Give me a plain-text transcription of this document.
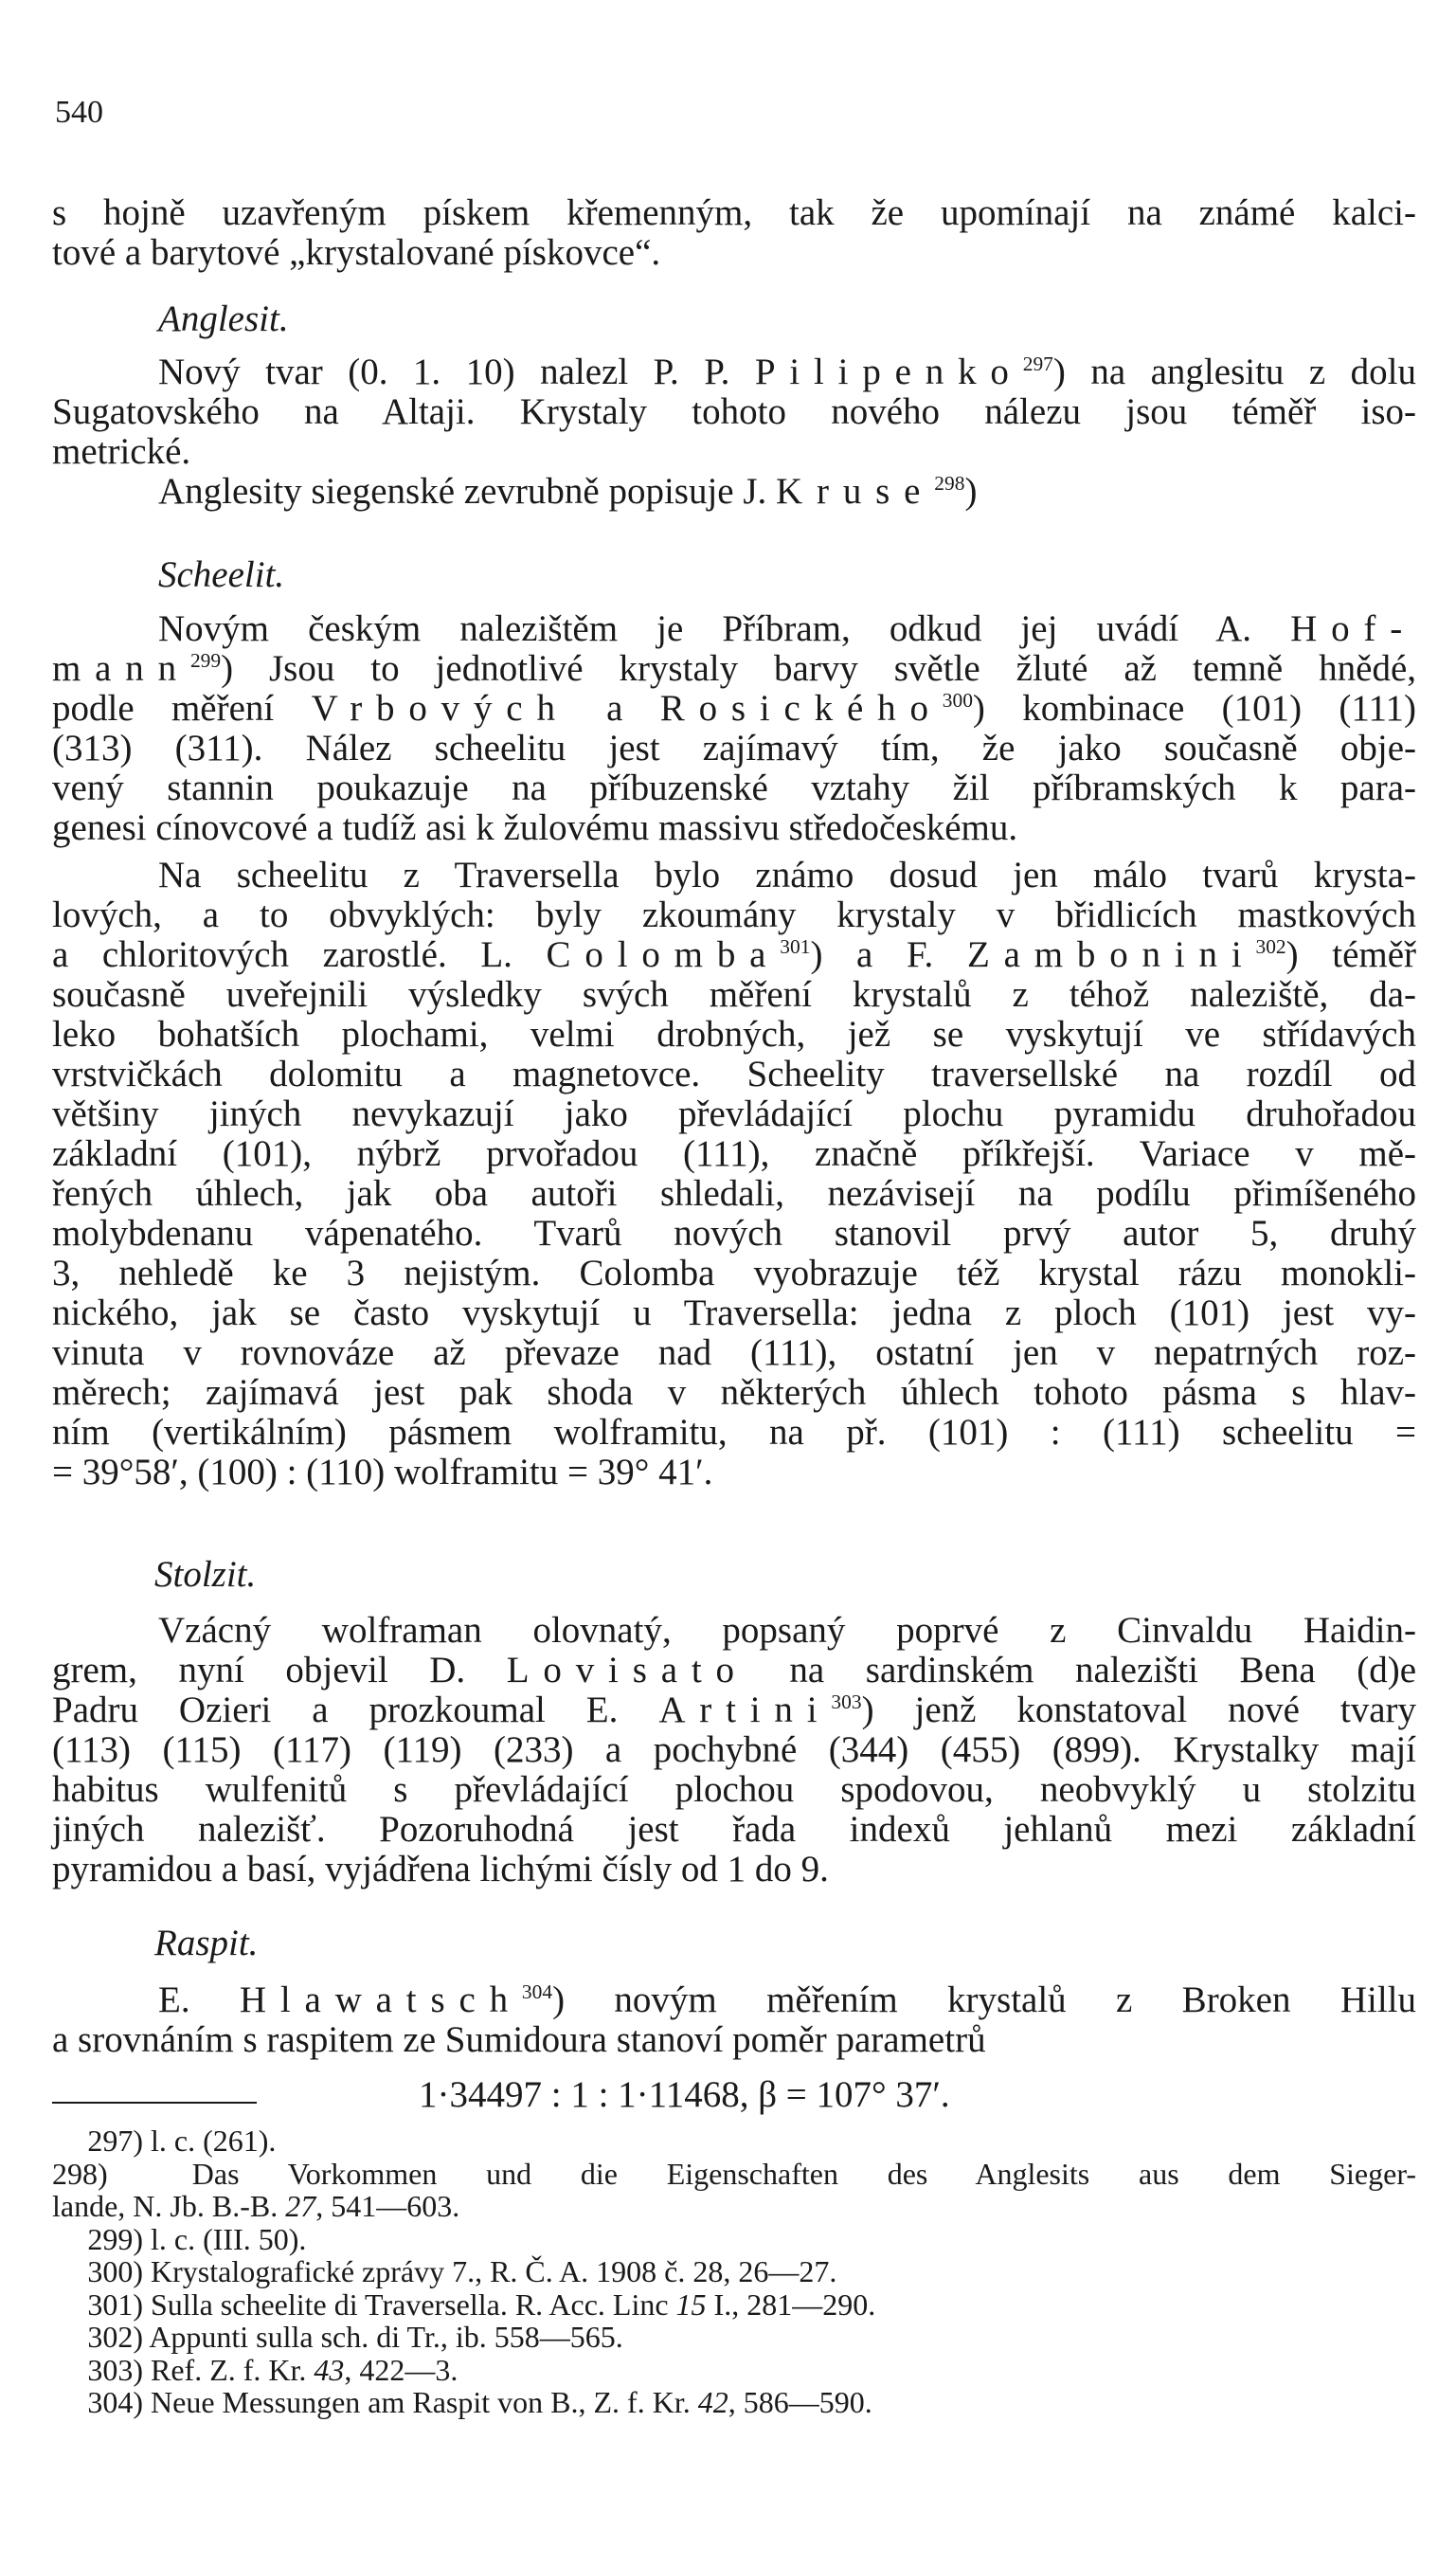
540
s hojně uzavřeným pískem křemenným, tak že upomínají na známé kalci-
tové a barytové „krystalované pískovce“.
Anglesit.
Nový tvar (0. 1. 10) nalezl P. P. Pilipenko$^{297}$) na anglesitu z dolu
Sugatovského na Altaji. Krystaly tohoto nového nálezu jsou téměř iso-
metrické.
Anglesity siegenské zevrubně popisuje J. Kruse$^{298}$)
Scheelit.
Novým českým nalezištěm je Příbram, odkud jej uvádí A. Hof-
mann$^{299}$) Jsou to jednotlivé krystaly barvy světle žluté až temně hnědé,
podle měření Vrbových a Rosického$^{300}$) kombinace (101) (111)
(313) (311). Nález scheelitu jest zajímavý tím, že jako současně obje-
vený stannin poukazuje na příbuzenské vztahy žil příbramských k para-
genesi cínovcové a tudíž asi k žulovému massivu středočeskému.
Na scheelitu z Traversella bylo známo dosud jen málo tvarů krysta-
lových, a to obvyklých: byly zkoumány krystaly v břidlicích mastkových
a chloritových zarostlé. L. Colomba$^{301}$) a F. Zambonini$^{302}$) téměř
současně uveřejnili výsledky svých měření krystalů z téhož naleziště, da-
leko bohatších plochami, velmi drobných, jež se vyskytují ve střídavých
vrstvičkách dolomitu a magnetovce. Scheelity traversellské na rozdíl od
většiny jiných nevykazují jako převládající plochu pyramidu druhořadou
základní (101), nýbrž prvořadou (111), značně příkřejší. Variace v mě-
řených úhlech, jak oba autoři shledali, nezávisejí na podílu přimíšeného
molybdenanu vápenatého. Tvarů nových stanovil prvý autor 5, druhý
3, nehledě ke 3 nejistým. Colomba vyobrazuje též krystal rázu monokli-
nického, jak se často vyskytují u Traversella: jedna z ploch (101) jest vy-
vinuta v rovnováze až převaze nad (111), ostatní jen v nepatrných roz-
měrech; zajímavá jest pak shoda v některých úhlech tohoto pásma s hlav-
ním (vertikálním) pásmem wolframitu, na př. (101) : (111) scheelitu =
= 39°58′, (100) : (110) wolframitu = 39° 41′.
Stolzit.
Vzácný wolframan olovnatý, popsaný poprvé z Cinvaldu Haidin-
grem, nyní objevil D. Lovisato na sardinském nalezišti Bena (d)e
Padru Ozieri a prozkoumal E. Artini$^{303}$) jenž konstatoval nové tvary
(113) (115) (117) (119) (233) a pochybné (344) (455) (899). Krystalky mají
habitus wulfenitů s převládající plochou spodovou, neobvyklý u stolzitu
jiných nalezišť. Pozoruhodná jest řada indexů jehlanů mezi základní
pyramidou a basí, vyjádřena lichými čísly od 1 do 9.
Raspit.
E. Hlawatsch$^{304}$) novým měřením krystalů z Broken Hillu
a srovnáním s raspitem ze Sumidoura stanoví poměr parametrů
1·34497 : 1 : 1·11468, β = 107° 37′.
297) l. c. (261).
298)	Das Vorkommen und die Eigenschaften des Anglesits aus dem Sieger-
lande, N. Jb. B.-B. 27, 541—603.
299) l. c. (III. 50).
300) Krystalografické zprávy 7., R. Č. A. 1908 č. 28, 26—27.
301) Sulla scheelite di Traversella. R. Acc. Linc 15 I., 281—290.
302) Appunti sulla sch. di Tr., ib. 558—565.
303) Ref. Z. f. Kr. 43, 422—3.
304) Neue Messungen am Raspit von B., Z. f. Kr. 42, 586—590.
